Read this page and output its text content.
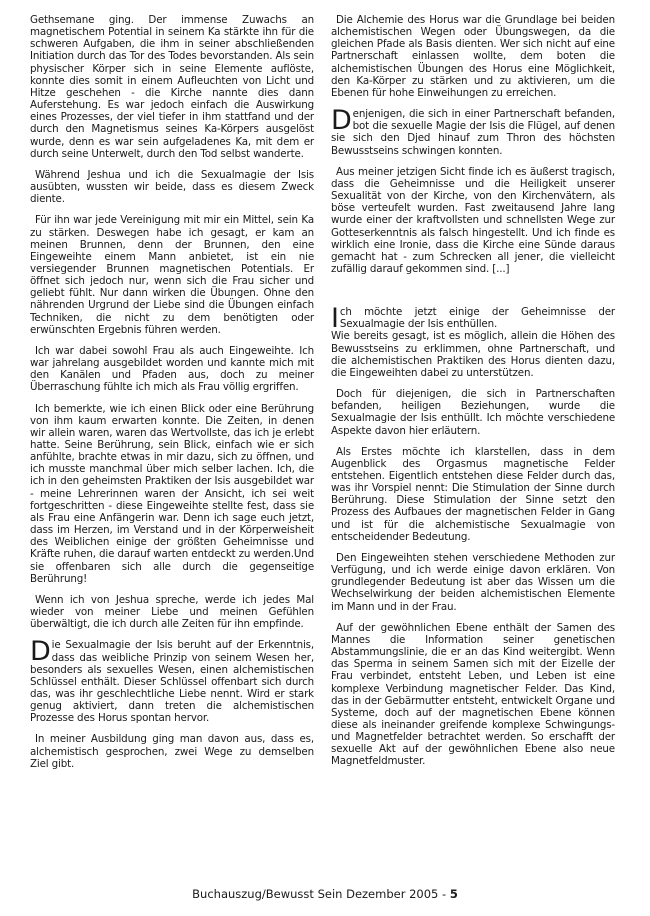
Gethsemane ging. Der immense Zuwachs an magnetischem Potential in seinem Ka stärkte ihn für die schweren Aufgaben, die ihm in seiner abschließenden Initiation durch das Tor des Todes bevorstanden. Als sein physischer Körper sich in seine Elemente auflöste, konnte dies somit in einem Aufleuchten von Licht und Hitze geschehen - die Kirche nannte dies dann Auferstehung. Es war jedoch einfach die Auswirkung eines Prozesses, der viel tiefer in ihm stattfand und der durch den Magnetismus seines Ka-Körpers ausgelöst wurde, denn es war sein aufgeladenes Ka, mit dem er durch seine Unterwelt, durch den Tod selbst wanderte.

Während Jeshua und ich die Sexualmagie der Isis ausübten, wussten wir beide, dass es diesem Zweck diente.

Für ihn war jede Vereinigung mit mir ein Mittel, sein Ka zu stärken. Deswegen habe ich gesagt, er kam an meinen Brunnen, denn der Brunnen, den eine Eingeweihte einem Mann anbietet, ist ein nie versiegender Brunnen magnetischen Potentials. Er öffnet sich jedoch nur, wenn sich die Frau sicher und geliebt fühlt. Nur dann wirken die Übungen. Ohne den nährenden Urgrund der Liebe sind die Übungen einfach Techniken, die nicht zu dem benötigten oder erwünschten Ergebnis führen werden.

Ich war dabei sowohl Frau als auch Eingeweihte. Ich war jahrelang ausgebildet worden und kannte mich mit den Kanälen und Pfaden aus, doch zu meiner Überraschung fühlte ich mich als Frau völlig ergriffen.

Ich bemerkte, wie ich einen Blick oder eine Berührung von ihm kaum erwarten konnte. Die Zeiten, in denen wir allein waren, waren das Wertvollste, das ich je erlebt hatte. Seine Berührung, sein Blick, einfach wie er sich anfühlte, brachte etwas in mir dazu, sich zu öffnen, und ich musste manchmal über mich selber lachen. Ich, die ich in den geheimsten Praktiken der Isis ausgebildet war - meine Lehrerinnen waren der Ansicht, ich sei weit fortgeschritten - diese Eingeweihte stellte fest, dass sie als Frau eine Anfängerin war. Denn ich sage euch jetzt, dass im Herzen, im Verstand und in der Körperweisheit des Weiblichen einige der größten Geheimnisse und Kräfte ruhen, die darauf warten entdeckt zu werden.Und sie offenbaren sich alle durch die gegenseitige Berührung!

Wenn ich von Jeshua spreche, werde ich jedes Mal wieder von meiner Liebe und meinen Gefühlen überwältigt, die ich durch alle Zeiten für ihn empfinde.

Die Sexualmagie der Isis beruht auf der Erkenntnis, dass das weibliche Prinzip von seinem Wesen her, besonders als sexuelles Wesen, einen alchemistischen Schlüssel enthält. Dieser Schlüssel offenbart sich durch das, was ihr geschlechtliche Liebe nennt. Wird er stark genug aktiviert, dann treten die alchemistischen Prozesse des Horus spontan hervor.

In meiner Ausbildung ging man davon aus, dass es, alchemistisch gesprochen, zwei Wege zu demselben Ziel gibt.

Die Alchemie des Horus war die Grundlage bei beiden alchemistischen Wegen oder Übungswegen, da die gleichen Pfade als Basis dienten. Wer sich nicht auf eine Partnerschaft einlassen wollte, dem boten die alchemistischen Übungen des Horus eine Möglichkeit, den Ka-Körper zu stärken und zu aktivieren, um die Ebenen für hohe Einweihungen zu erreichen.

Denjenigen, die sich in einer Partnerschaft befanden, bot die sexuelle Magie der Isis die Flügel, auf denen sie sich den Djed hinauf zum Thron des höchsten Bewusstseins schwingen konnten.

Aus meiner jetzigen Sicht finde ich es äußerst tragisch, dass die Geheimnisse und die Heiligkeit unserer Sexualität von der Kirche, von den Kirchenvätern, als böse verteufelt wurden. Fast zweitausend Jahre lang wurde einer der kraftvollsten und schnellsten Wege zur Gotteserkenntnis als falsch hingestellt. Und ich finde es wirklich eine Ironie, dass die Kirche eine Sünde daraus gemacht hat - zum Schrecken all jener, die vielleicht zufällig darauf gekommen sind. [...]

Ich möchte jetzt einige der Geheimnisse der Sexualmagie der Isis enthüllen.

Wie bereits gesagt, ist es möglich, allein die Höhen des Bewusstseins zu erklimmen, ohne Partnerschaft, und die alchemistischen Praktiken des Horus dienten dazu, die Eingeweihten dabei zu unterstützen.

Doch für diejenigen, die sich in Partnerschaften befanden, heiligen Beziehungen, wurde die Sexualmagie der Isis enthüllt. Ich möchte verschiedene Aspekte davon hier erläutern.

Als Erstes möchte ich klarstellen, dass in dem Augenblick des Orgasmus magnetische Felder entstehen. Eigentlich entstehen diese Felder durch das, was ihr Vorspiel nennt: Die Stimulation der Sinne durch Berührung. Diese Stimulation der Sinne setzt den Prozess des Aufbaues der magnetischen Felder in Gang und ist für die alchemistische Sexualmagie von entscheidender Bedeutung.

Den Eingeweihten stehen verschiedene Methoden zur Verfügung, und ich werde einige davon erklären. Von grundlegender Bedeutung ist aber das Wissen um die Wechselwirkung der beiden alchemistischen Elemente im Mann und in der Frau.

Auf der gewöhnlichen Ebene enthält der Samen des Mannes die Information seiner genetischen Abstammungslinie, die er an das Kind weitergibt. Wenn das Sperma in seinem Samen sich mit der Eizelle der Frau verbindet, entsteht Leben, und Leben ist eine komplexe Verbindung magnetischer Felder. Das Kind, das in der Gebärmutter entsteht, entwickelt Organe und Systeme, doch auf der magnetischen Ebene können diese als ineinander greifende komplexe Schwingungs- und Magnetfelder betrachtet werden. So erschafft der sexuelle Akt auf der gewöhnlichen Ebene also neue Magnetfeldmuster.

Buchauszug/Bewusst Sein Dezember 2005 - 5
